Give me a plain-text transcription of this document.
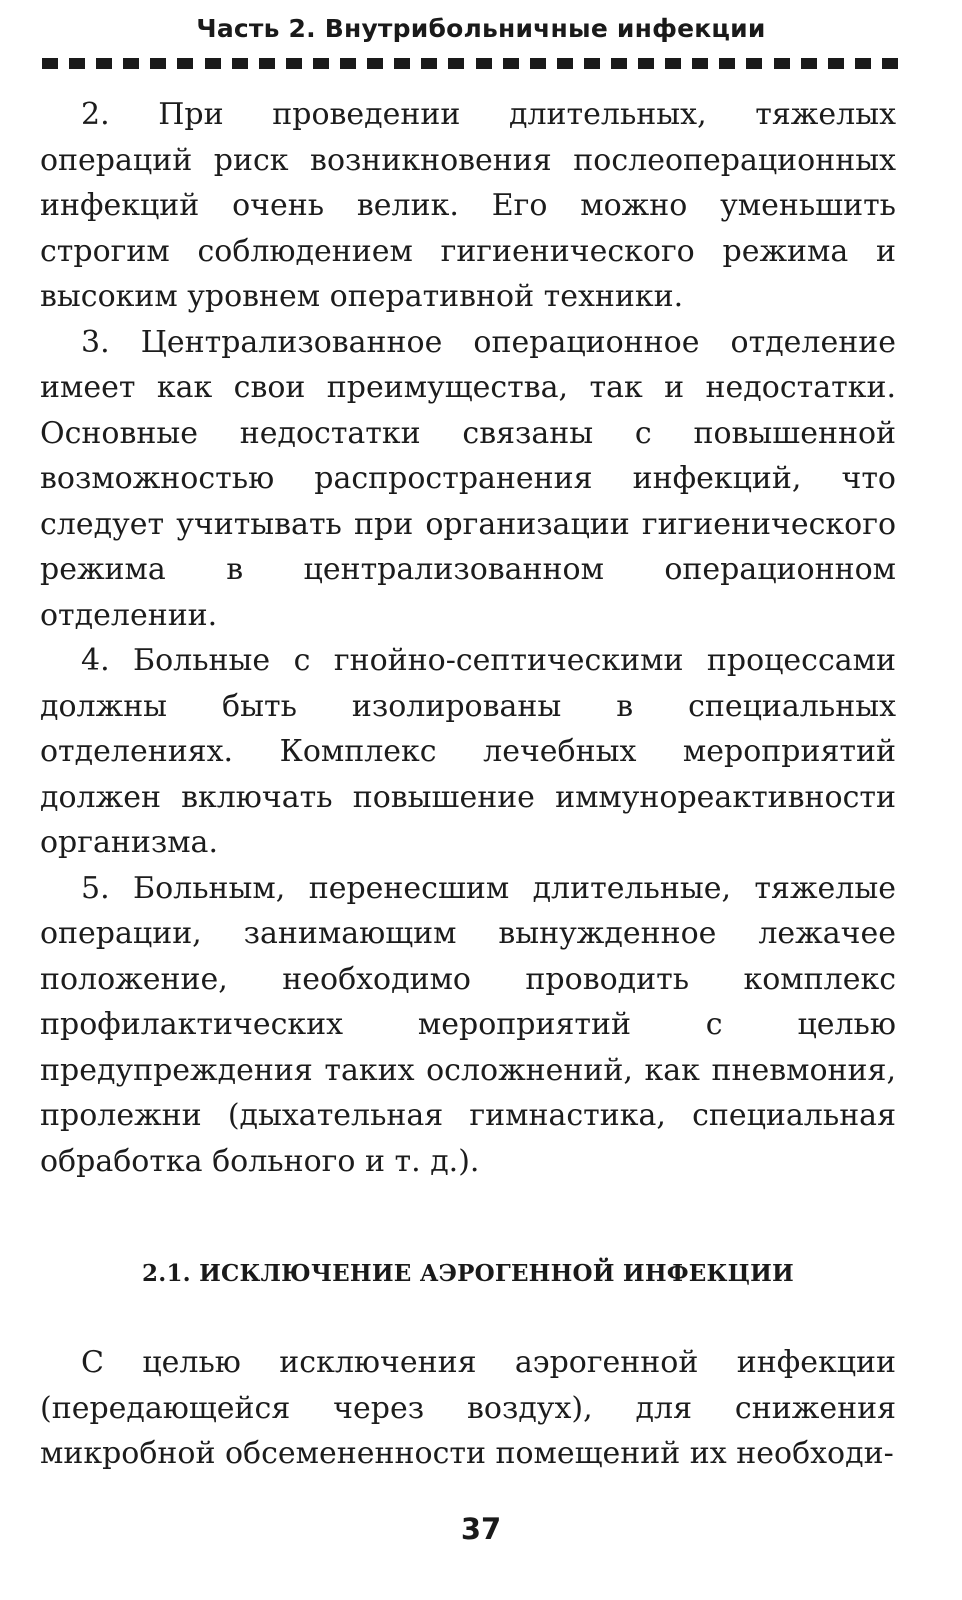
Часть 2. Внутрибольничные инфекции

2. При проведении длительных, тяжелых операций риск возникновения послеоперационных инфекций очень велик. Его можно уменьшить строгим соблюдением гигиенического режима и высоким уровнем оперативной техники.

3. Централизованное операционное отделение имеет как свои преимущества, так и недостатки. Основные недостатки связаны с повышенной возможностью распространения инфекций, что следует учитывать при организации гигиенического режима в централизованном операционном отделении.

4. Больные с гнойно-септическими процессами должны быть изолированы в специальных отделениях. Комплекс лечебных мероприятий должен включать повышение иммунореактивности организма.

5. Больным, перенесшим длительные, тяжелые операции, занимающим вынужденное лежачее положение, необходимо проводить комплекс профилактических мероприятий с целью предупреждения таких осложнений, как пневмония, пролежни (дыхательная гимнастика, специальная обработка больного и т. д.).

2.1. ИСКЛЮЧЕНИЕ АЭРОГЕННОЙ ИНФЕКЦИИ

С целью исключения аэрогенной инфекции (передающейся через воздух), для снижения микробной обсемененности помещений их необходи-

37
